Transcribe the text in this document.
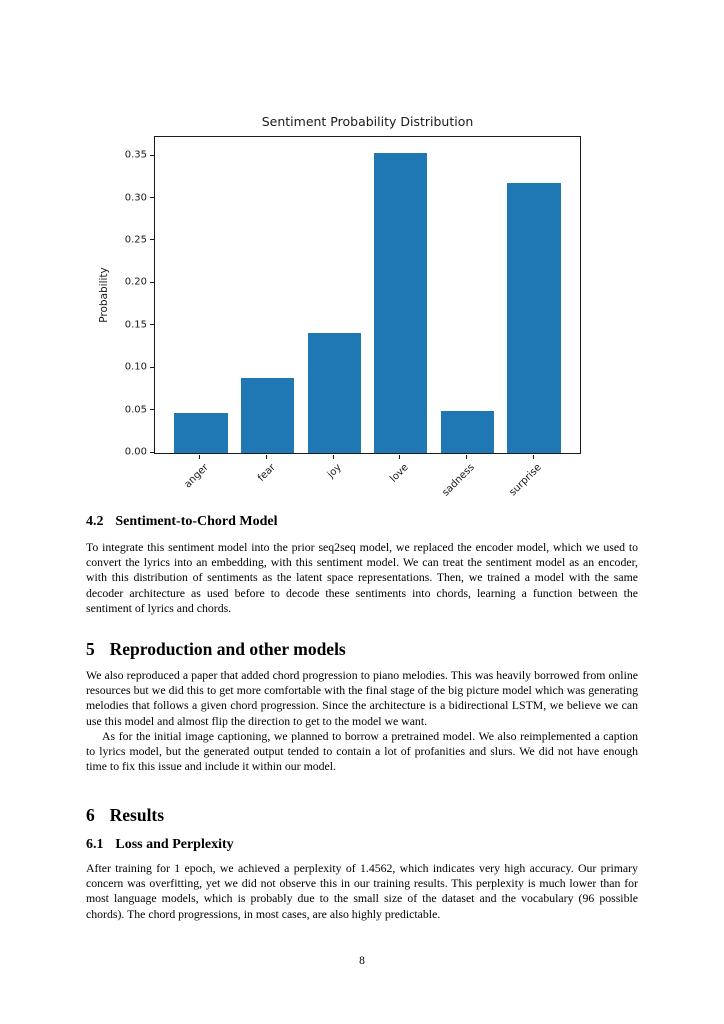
Sentiment Probability Distribution
Probability
0.00
0.05
0.10
0.15
0.20
0.25
0.30
0.35
anger	fear	joy	love	sadness	surprise
4.2 Sentiment-to-Chord Model

To integrate this sentiment model into the prior seq2seq model, we replaced the encoder model, which we used to convert the lyrics into an embedding, with this sentiment model. We can treat the sentiment model as an encoder, with this distribution of sentiments as the latent space representations. Then, we trained a model with the same decoder architecture as used before to decode these sentiments into chords, learning a function between the sentiment of lyrics and chords.

5 Reproduction and other models

We also reproduced a paper that added chord progression to piano melodies. This was heavily borrowed from online resources but we did this to get more comfortable with the final stage of the big picture model which was generating melodies that follows a given chord progression. Since the architecture is a bidirectional LSTM, we believe we can use this model and almost flip the direction to get to the model we want.

As for the initial image captioning, we planned to borrow a pretrained model. We also reimplemented a caption to lyrics model, but the generated output tended to contain a lot of profanities and slurs. We did not have enough time to fix this issue and include it within our model.

6 Results
6.1 Loss and Perplexity

After training for 1 epoch, we achieved a perplexity of 1.4562, which indicates very high accuracy. Our primary concern was overfitting, yet we did not observe this in our training results. This perplexity is much lower than for most language models, which is probably due to the small size of the dataset and the vocabulary (96 possible chords). The chord progressions, in most cases, are also highly predictable.

8
